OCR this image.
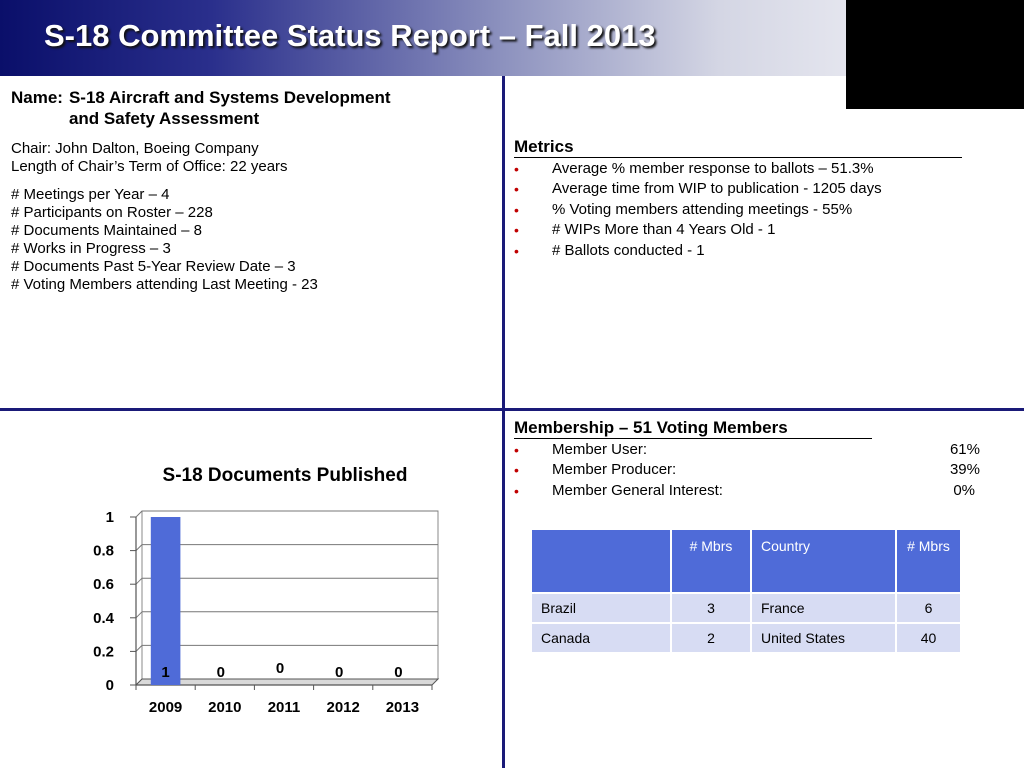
S-18 Committee Status Report – Fall 2013
Name: S-18 Aircraft and Systems Development
and Safety Assessment
Chair: John Dalton, Boeing Company
Length of Chair’s Term of Office: 22 years
# Meetings per Year – 4
# Participants on Roster – 228
# Documents Maintained – 8
# Works in Progress – 3
# Documents Past 5-Year Review Date – 3
# Voting Members attending Last Meeting - 23
Metrics
• Average % member response to ballots – 51.3%
• Average time from WIP to publication - 1205 days
• % Voting members attending meetings - 55%
• # WIPs More than 4 Years Old - 1
• # Ballots conducted - 1
Membership – 51 Voting Members
• Member User:	61%
• Member Producer:	39%
• Member General Interest:	0%
	# Mbrs	Country	# Mbrs
Brazil	3	France	6
Canada	2	United States	40
S-18 Documents Published
0
0.2
0.4
0.6
0.8
1
2009
1
2010
0
2011
0
2012
0
2013
0
